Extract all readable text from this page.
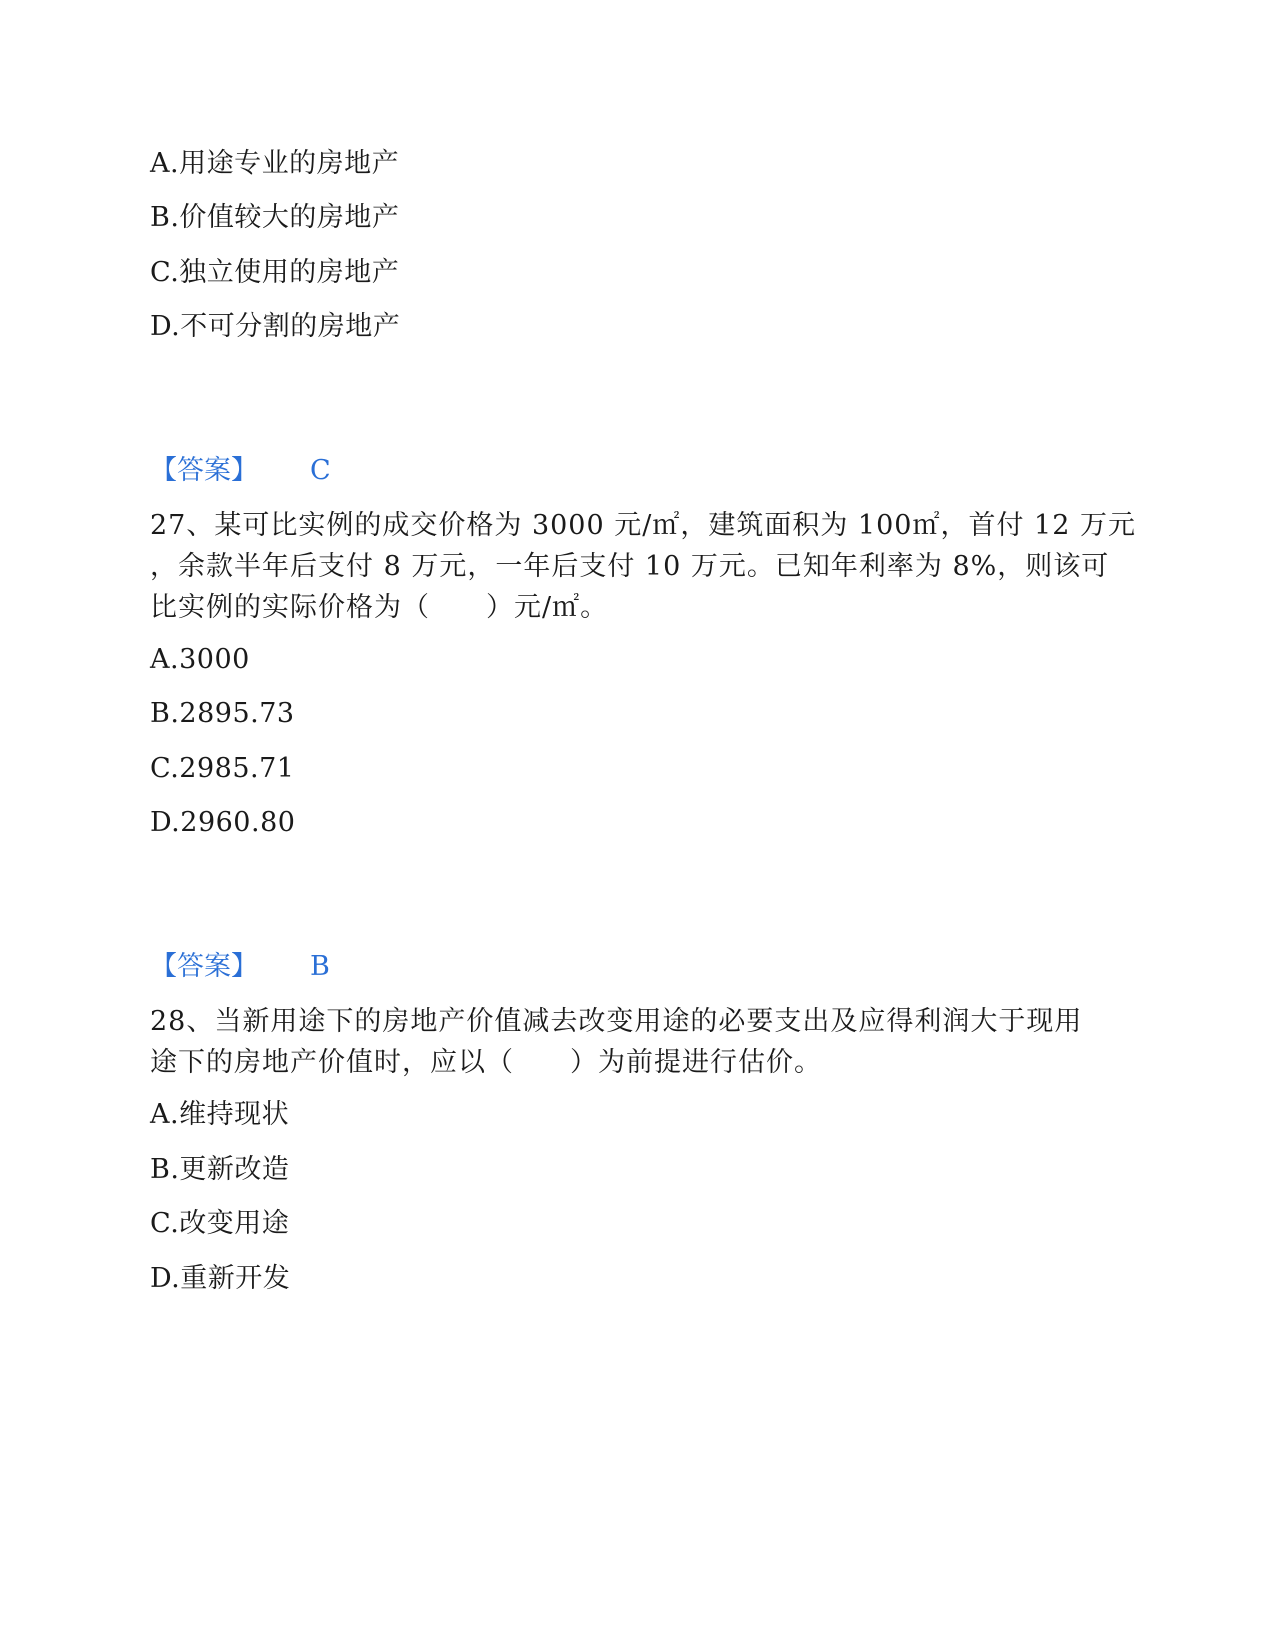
A.用途专业的房地产
B.价值较大的房地产
C.独立使用的房地产
D.不可分割的房地产
【答案】 C

27、某可比实例的成交价格为 3000 元/㎡，建筑面积为 100㎡，首付 12 万元

，余款半年后支付 8 万元，一年后支付 10 万元。已知年利率为 8%，则该可

比实例的实际价格为（　　）元/㎡。

A.3000
B.2895.73
C.2985.71
D.2960.80
【答案】 B

28、当新用途下的房地产价值减去改变用途的必要支出及应得利润大于现用

途下的房地产价值时，应以（　　）为前提进行估价。

A.维持现状
B.更新改造
C.改变用途
D.重新开发
